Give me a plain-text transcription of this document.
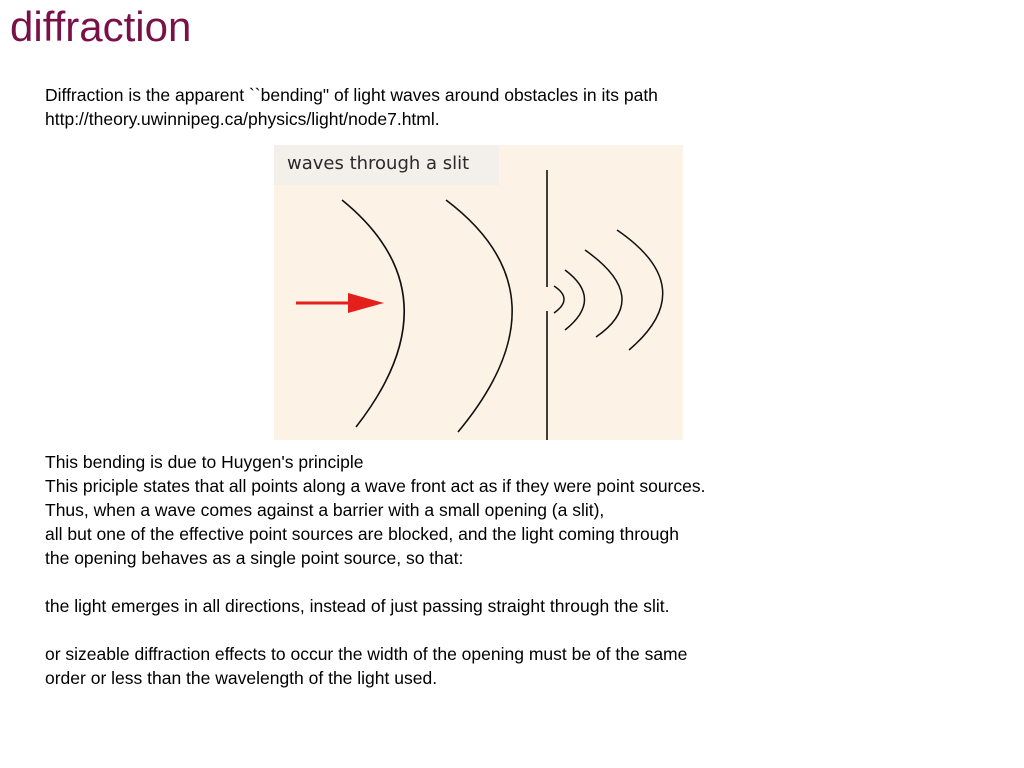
diffraction
Diffraction is the apparent ``bending" of light waves around obstacles in its path
http://theory.uwinnipeg.ca/physics/light/node7.html.
waves through a slit
This bending is due to Huygen's principle
This priciple states that all points along a wave front act as if they were point sources.
Thus, when a wave comes against a barrier with a small opening (a slit),
all but one of the effective point sources are blocked, and the light coming through
the opening behaves as a single point source, so that:
the light emerges in all directions, instead of just passing straight through the slit.
or sizeable diffraction effects to occur the width of the opening must be of the same
order or less than the wavelength of the light used.
